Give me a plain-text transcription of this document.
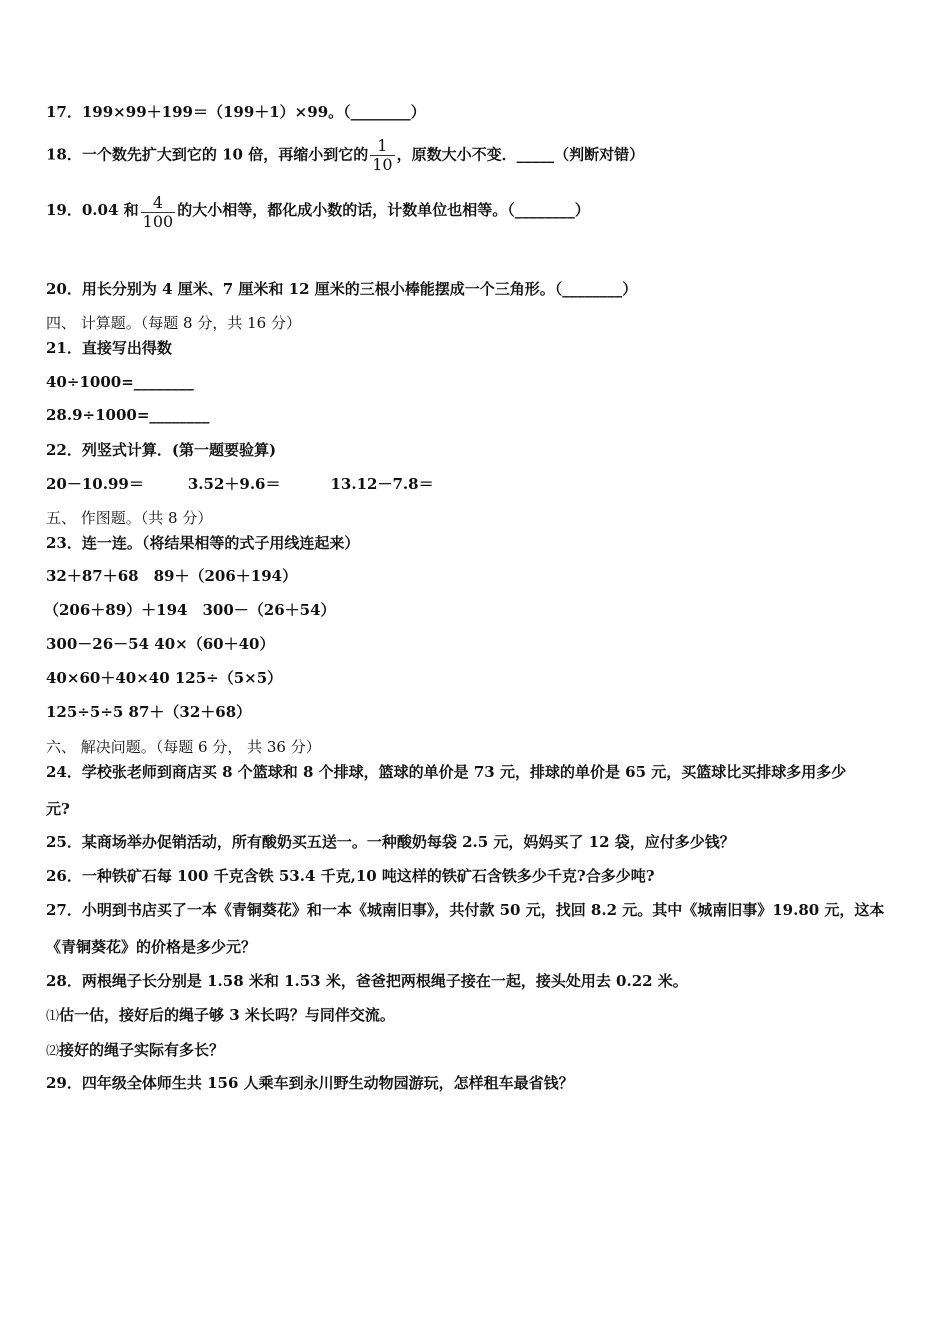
17．199×99＋199＝（199＋1）×99。（________）
18．一个数先扩大到它的 10 倍，再缩小到它的 $\frac{1}{10}$ ，原数大小不变．_____（判断对错）
19．0.04 和 $\frac{4}{100}$ 的大小相等，都化成小数的话，计数单位也相等。（________）
20．用长分别为 4 厘米、7 厘米和 12 厘米的三根小棒能摆成一个三角形。（________）
四、 计算题。（每题 8 分，共 16 分）
21．直接写出得数
40÷1000=________
28.9÷1000=________
22．列竖式计算．(第一题要验算)
20－10.99＝	3.52＋9.6＝	13.12－7.8＝
五、 作图题。（共 8 分）
23．连一连。（将结果相等的式子用线连起来）
32＋87＋68　89＋（206＋194）
（206＋89）＋194　300－（26＋54）
300－26－54 40×（60＋40）
40×60＋40×40 125÷（5×5）
125÷5÷5 87＋（32＋68）
六、 解决问题。（每题 6 分， 共 36 分）
24．学校张老师到商店买 8 个篮球和 8 个排球，篮球的单价是 73 元，排球的单价是 65 元，买篮球比买排球多用多少
元?
25．某商场举办促销活动，所有酸奶买五送一。一种酸奶每袋 2.5 元，妈妈买了 12 袋，应付多少钱？
26．一种铁矿石每 100 千克含铁 53.4 千克,10 吨这样的铁矿石含铁多少千克?合多少吨?
27．小明到书店买了一本《青铜葵花》和一本《城南旧事》，共付款 50 元，找回 8.2 元。其中《城南旧事》19.80 元，这本
《青铜葵花》的价格是多少元？
28．两根绳子长分别是 1.58 米和 1.53 米，爸爸把两根绳子接在一起，接头处用去 0.22 米。
⑴估一估，接好后的绳子够 3 米长吗？与同伴交流。
⑵接好的绳子实际有多长？
29．四年级全体师生共 156 人乘车到永川野生动物园游玩，怎样租车最省钱？
